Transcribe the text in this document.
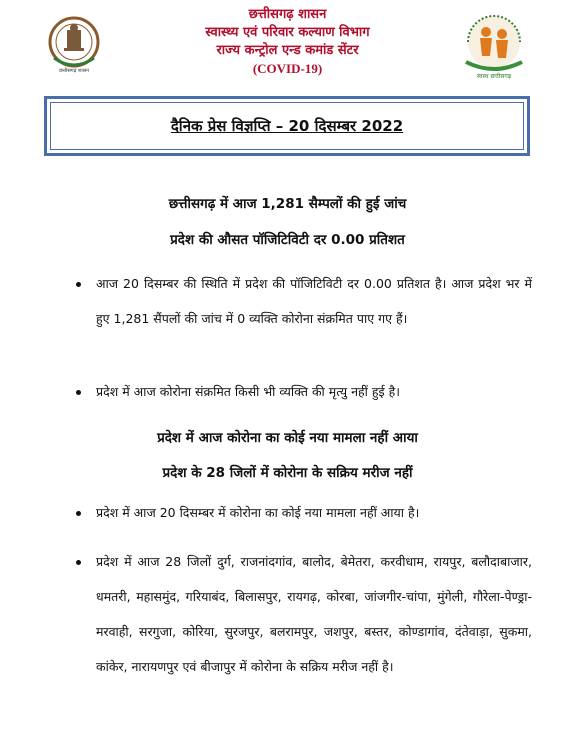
छत्तीसगढ़ शासन
छत्तीसगढ़ शासन
स्वास्थ्य एवं परिवार कल्याण विभाग
राज्य कन्ट्रोल एन्ड कमांड सेंटर
(COVID-19)
स्वस्थ छत्तीसगढ़
दैनिक प्रेस विज्ञप्ति – 20 दिसम्बर 2022
छत्तीसगढ़ में आज 1,281 सैम्पलों की हुई जांच
प्रदेश की औसत पॉजिटिविटी दर 0.00 प्रतिशत
आज 20 दिसम्बर की स्थिति में प्रदेश की पॉजिटिविटी दर 0.00 प्रतिशत है। आज प्रदेश भर में हुए 1,281 सैंपलों की जांच में 0 व्यक्ति कोरोना संक्रमित पाए गए हैं।
प्रदेश में आज कोरोना संक्रमित किसी भी व्यक्ति की मृत्यु नहीं हुई है।
प्रदेश में आज कोरोना का कोई नया मामला नहीं आया
प्रदेश के 28 जिलों में कोरोना के सक्रिय मरीज नहीं
प्रदेश में आज 20 दिसम्बर में कोरोना का कोई नया मामला नहीं आया है।
प्रदेश में आज 28 जिलों दुर्ग, राजनांदगांव, बालोद, बेमेतरा, करवीधाम, रायपुर, बलौदाबाजार, धमतरी, महासमुंद, गरियाबंद, बिलासपुर, रायगढ़, कोरबा, जांजगीर-चांपा, मुंगेली, गौरेला-पेण्ड्रा-मरवाही, सरगुजा, कोरिया, सुरजपुर, बलरामपुर, जशपुर, बस्तर, कोण्डागांव, दंतेवाड़ा, सुकमा, कांकेर, नारायणपुर एवं बीजापुर में कोरोना के सक्रिय मरीज नहीं है।
